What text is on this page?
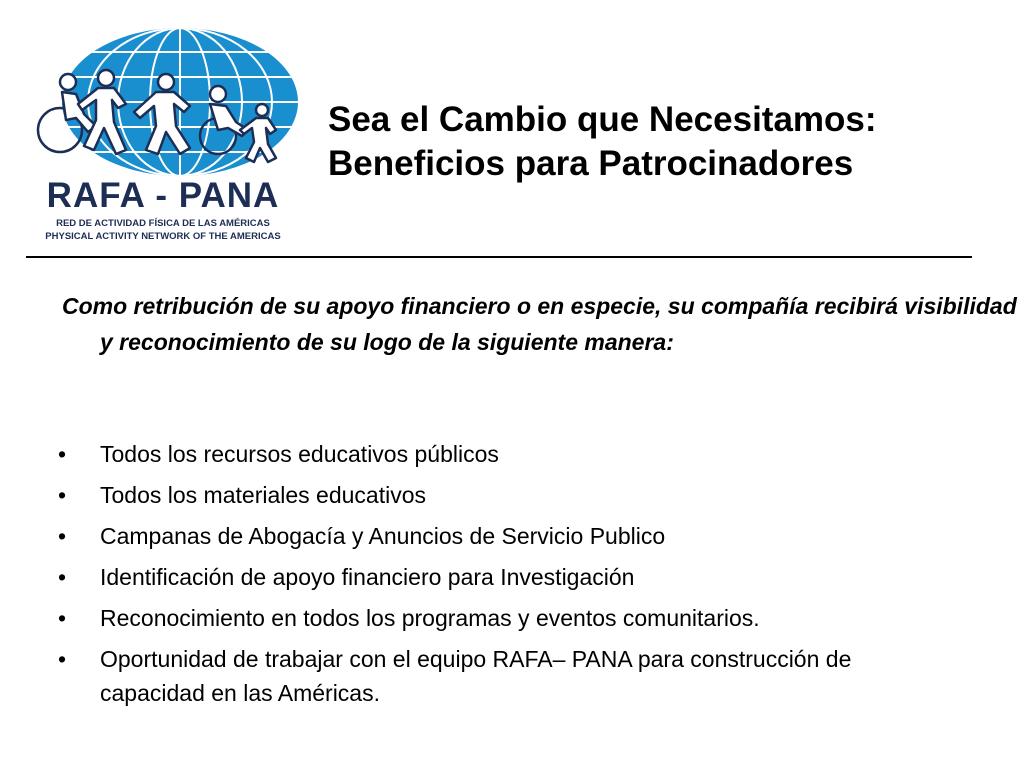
RAFA - PANA
RED DE ACTIVIDAD FÍSICA DE LAS AMÉRICAS
PHYSICAL ACTIVITY NETWORK OF THE AMERICAS
Sea el Cambio que Necesitamos:
Beneficios para Patrocinadores

Como retribución de su apoyo financiero o en especie, su compañía recibirá visibilidad y reconocimiento de su logo de la siguiente manera:

• Todos los recursos educativos públicos
• Todos los materiales educativos
• Campanas de Abogacía y Anuncios de Servicio Publico
• Identificación de apoyo financiero para Investigación
• Reconocimiento en todos los programas y eventos comunitarios.
• Oportunidad de trabajar con el equipo RAFA– PANA para construcción de capacidad en las Américas.
